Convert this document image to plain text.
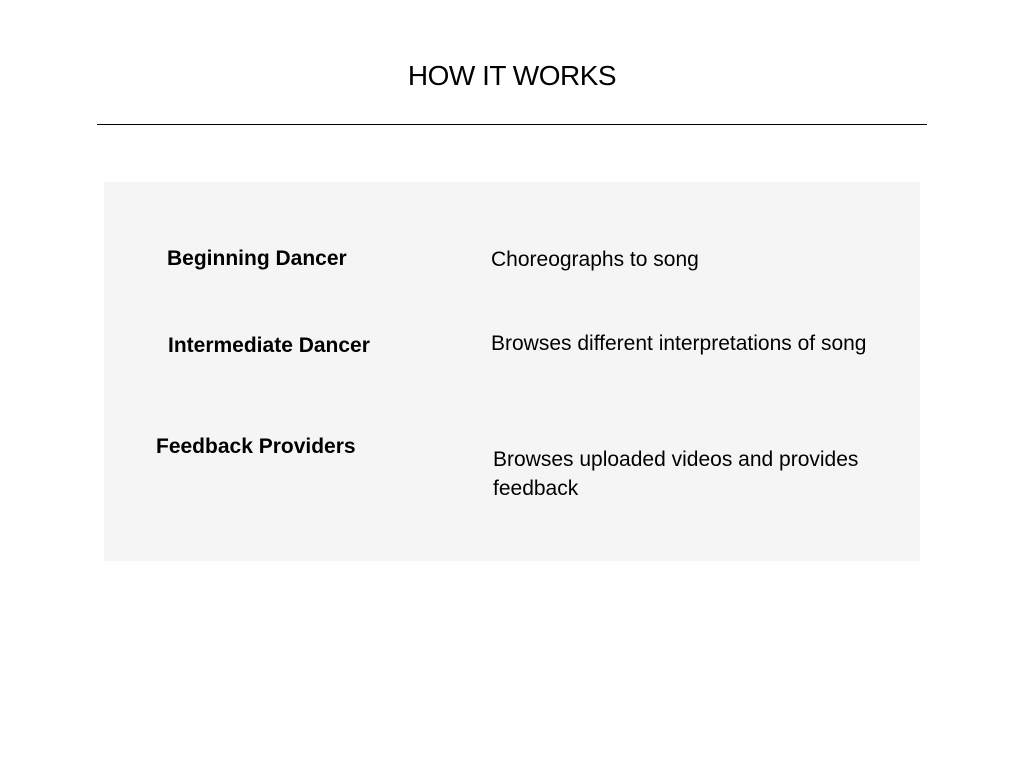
HOW IT WORKS
Beginning Dancer	Choreographs to song
Intermediate Dancer	Browses different interpretations of song
Feedback Providers
Browses uploaded videos and provides feedback
